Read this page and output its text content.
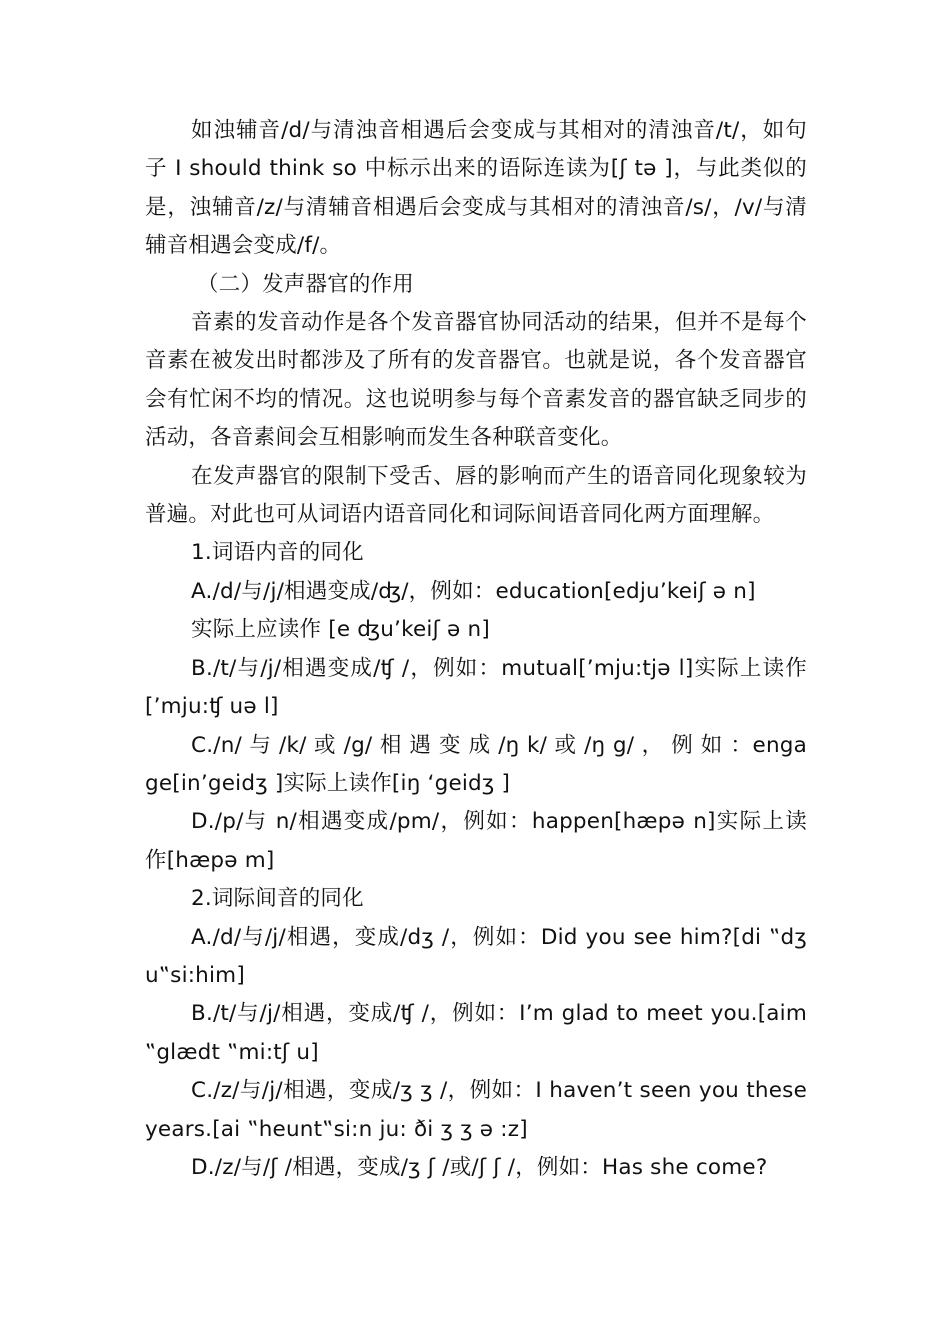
如浊辅音/d/与清浊音相遇后会变成与其相对的清浊音/t/，如句子 I should think so 中标示出来的语际连读为[ʃ tə ]，与此类似的是，浊辅音/z/与清辅音相遇后会变成与其相对的清浊音/s/，/v/与清辅音相遇会变成/f/。

（二）发声器官的作用

音素的发音动作是各个发音器官协同活动的结果，但并不是每个音素在被发出时都涉及了所有的发音器官。也就是说，各个发音器官会有忙闲不均的情况。这也说明参与每个音素发音的器官缺乏同步的活动，各音素间会互相影响而发生各种联音变化。

在发声器官的限制下受舌、唇的影响而产生的语音同化现象较为普遍。对此也可从词语内语音同化和词际间语音同化两方面理解。

1.词语内音的同化

A./d/与/j/相遇变成/ʤ/，例如：education[edju’keiʃ ə n]

实际上应读作 [e ʤu’keiʃ ə n]

B./t/与/j/相遇变成/ʧ /，例如：mutual[’mju:tjə l]实际上读作[’mju:ʧ uə l]

C./n/ 与 /k/ 或 /g/ 相 遇 变 成 /ŋ k/ 或 /ŋ g/ ， 例 如 ：engage[in’geidʒ ]实际上读作[iŋ ‘geidʒ ]

D./p/与 n/相遇变成/pm/，例如：happen[hæpə n]实际上读作[hæpə m]

2.词际间音的同化

A./d/与/j/相遇，变成/dʒ /，例如：Did you see him?[di ‟dʒ u‟si:him]

B./t/与/j/相遇，变成/ʧ /，例如：I’m glad to meet you.[aim ‟glædt ‟mi:tʃ u]

C./z/与/j/相遇，变成/ʒ ʒ /，例如：I haven’t seen you these years.[ai ‟heunt‟si:n ju: ði ʒ ʒ ə :z]

D./z/与/ʃ /相遇，变成/ʒ ʃ /或/ʃ ʃ /，例如：Has she come?
